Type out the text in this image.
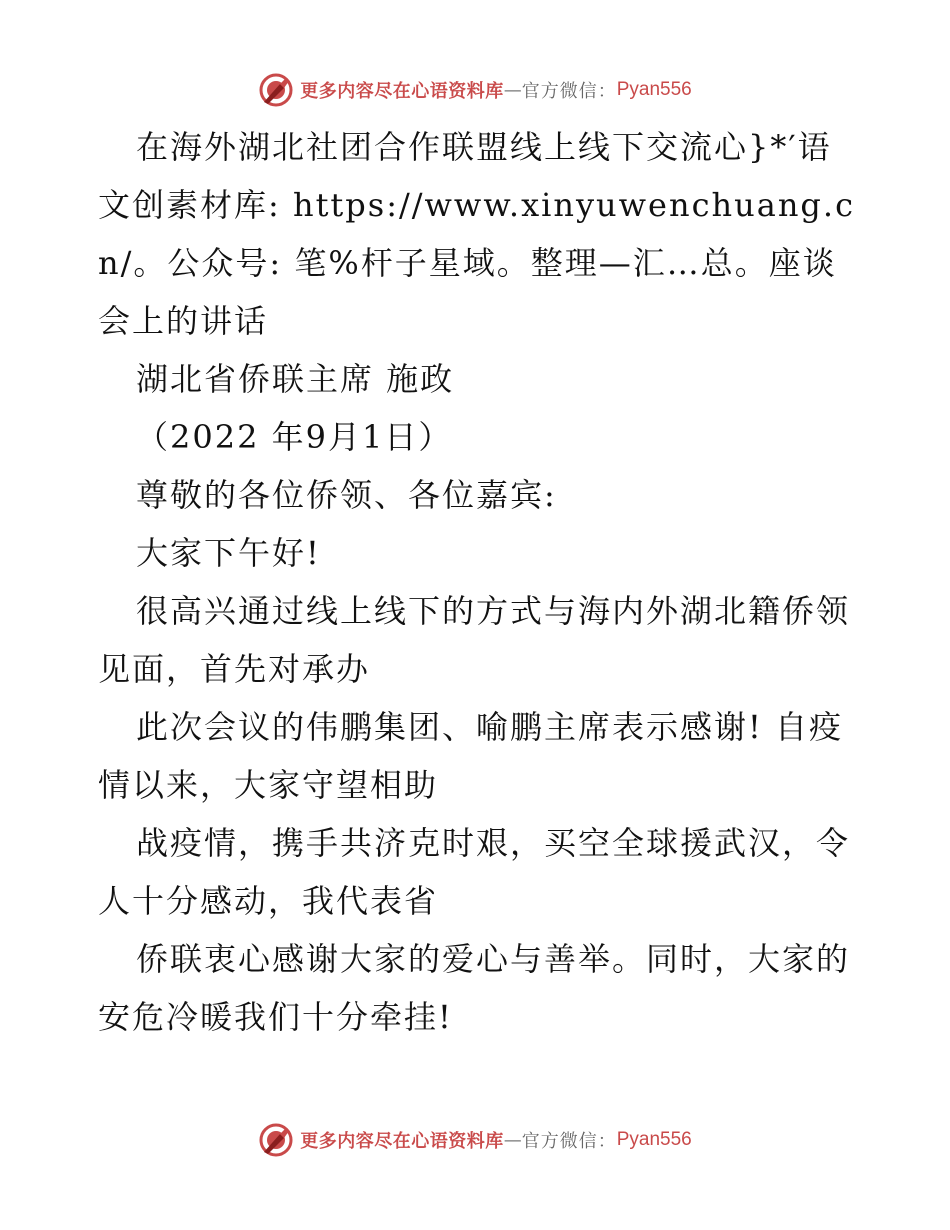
更多内容尽在心语资料库 — 官方微信： Pyan556

在海外湖北社团合作联盟线上线下交流心}*′语文创素材库: https://www.xinyuwenchuang.cn/。公众号: 笔%杆子星域。整理—汇…总。座谈会上的讲话

湖北省侨联主席 施政

（2022 年9月1日）

尊敬的各位侨领、各位嘉宾:

大家下午好!

很高兴通过线上线下的方式与海内外湖北籍侨领见面，首先对承办

此次会议的伟鹏集团、喻鹏主席表示感谢! 自疫情以来，大家守望相助

战疫情，携手共济克时艰，买空全球援武汉，令人十分感动，我代表省

侨联衷心感谢大家的爱心与善举。同时，大家的安危冷暖我们十分牵挂!

更多内容尽在心语资料库 — 官方微信： Pyan556
